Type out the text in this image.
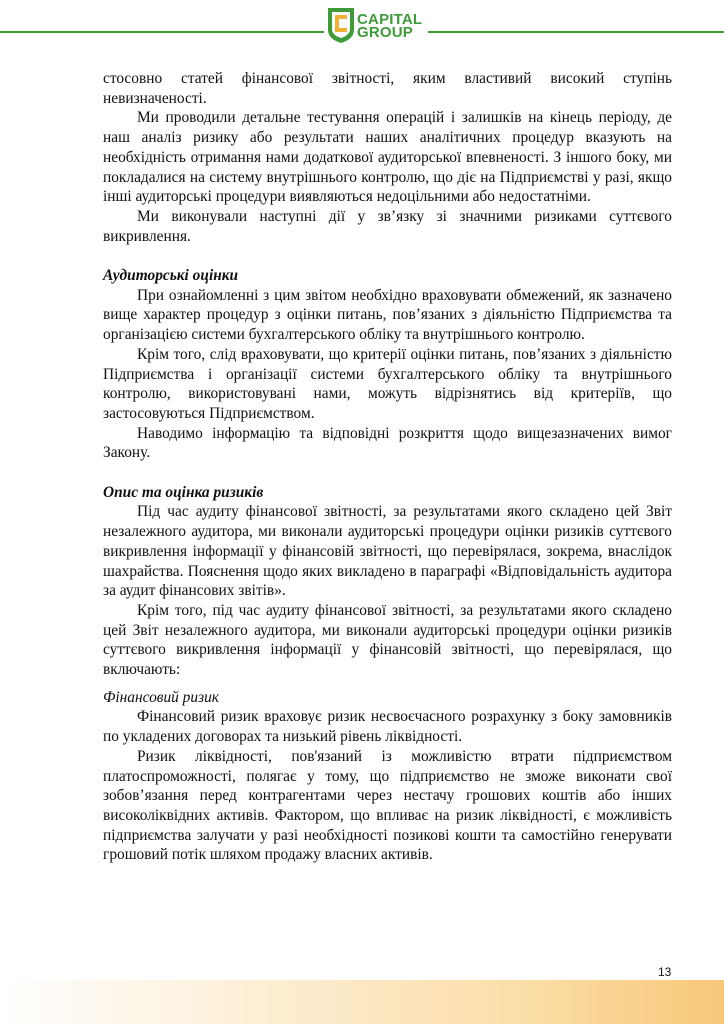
CAPITAL
GROUP

стосовно статей фінансової звітності, яким властивий високий ступінь невизначеності.

Ми проводили детальне тестування операцій і залишків на кінець періоду, де наш аналіз ризику або результати наших аналітичних процедур вказують на необхідність отримання нами додаткової аудиторської впевненості. З іншого боку, ми покладалися на систему внутрішнього контролю, що діє на Підприємстві у разі, якщо інші аудиторські процедури виявляються недоцільними або недостатніми.

Ми виконували наступні дії у зв’язку зі значними ризиками суттєвого викривлення.

Аудиторські оцінки

При ознайомленні з цим звітом необхідно враховувати обмежений, як зазначено вище характер процедур з оцінки питань, пов’язаних з діяльністю Підприємства та організацією системи бухгалтерського обліку та внутрішнього контролю.

Крім того, слід враховувати, що критерії оцінки питань, пов’язаних з діяльністю Підприємства і організації системи бухгалтерського обліку та внутрішнього контролю, використовувані нами, можуть відрізнятись від критеріїв, що застосовуються Підприємством.

Наводимо інформацію та відповідні розкриття щодо вищезазначених вимог Закону.

Опис та оцінка ризиків

Під час аудиту фінансової звітності, за результатами якого складено цей Звіт незалежного аудитора, ми виконали аудиторські процедури оцінки ризиків суттєвого викривлення інформації у фінансовій звітності, що перевірялася, зокрема, внаслідок шахрайства. Пояснення щодо яких викладено в параграфі «Відповідальність аудитора за аудит фінансових звітів».

Крім того, під час аудиту фінансової звітності, за результатами якого складено цей Звіт незалежного аудитора, ми виконали аудиторські процедури оцінки ризиків суттєвого викривлення інформації у фінансовій звітності, що перевірялася, що включають:

Фінансовий ризик

Фінансовий ризик враховує ризик несвоєчасного розрахунку з боку замовників по укладених договорах та низький рівень ліквідності.

Ризик ліквідності, пов'язаний із можливістю втрати підприємством платоспроможності, полягає у тому, що підприємство не зможе виконати свої зобов’язання перед контрагентами через нестачу грошових коштів або інших високоліквідних активів. Фактором, що впливає на ризик ліквідності, є можливість підприємства залучати у разі необхідності позикові кошти та самостійно генерувати грошовий потік шляхом продажу власних активів.

13
